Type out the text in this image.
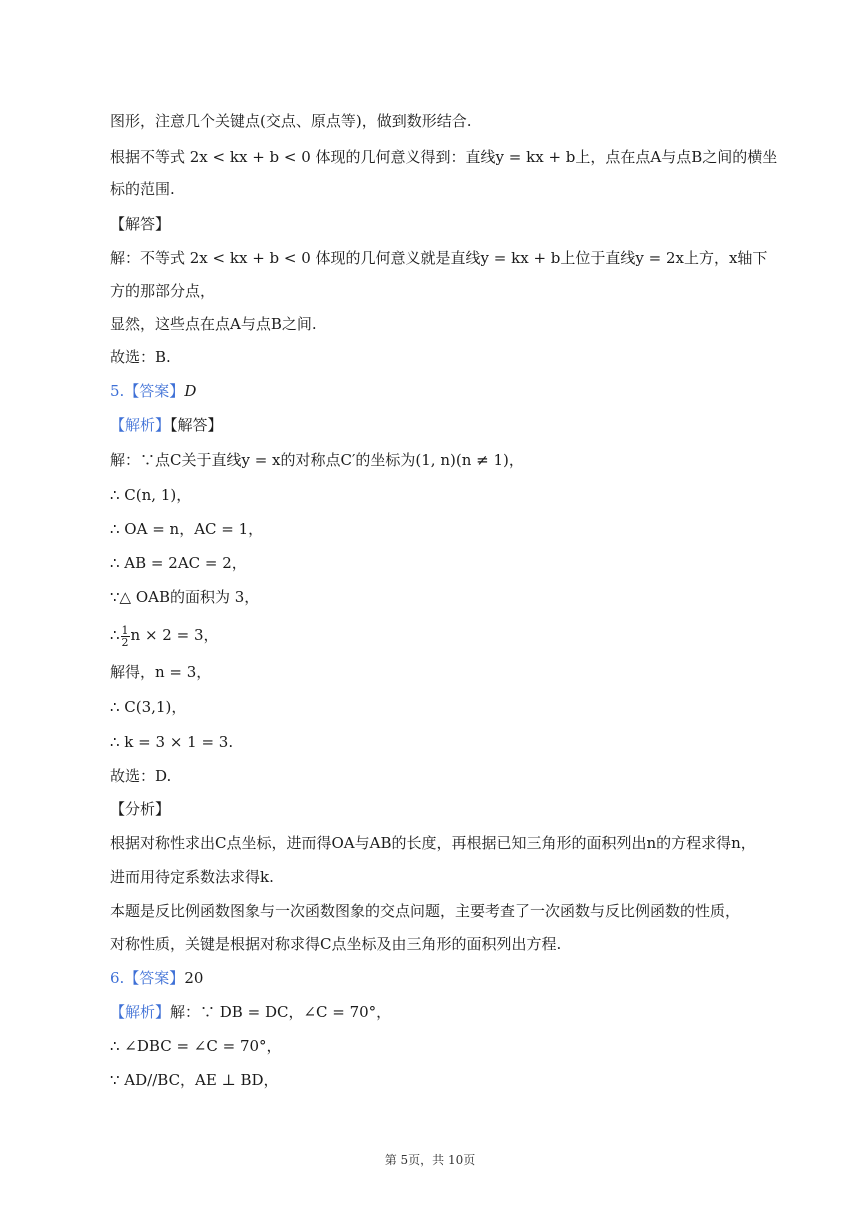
图形，注意几个关键点(交点、原点等)，做到数形结合.
根据不等式 2x < kx + b < 0 体现的几何意义得到：直线y = kx + b上，点在点A与点B之间的横坐
标的范围.
【解答】
解：不等式 2x < kx + b < 0 体现的几何意义就是直线y = kx + b上位于直线y = 2x上方，x轴下
方的那部分点，
显然，这些点在点A与点B之间.
故选：B.
5.【答案】D
【解析】【解答】
解：∵点C关于直线y = x的对称点C′的坐标为(1, n)(n ≠ 1)，
∴ C(n, 1)，
∴ OA = n，AC = 1，
∴ AB = 2AC = 2，
∵△ OAB的面积为 3，
∴ $\frac{1}{2}$ n × 2 = 3，
解得，n = 3，
∴ C(3,1)，
∴ k = 3 × 1 = 3.
故选：D.
【分析】
根据对称性求出C点坐标，进而得OA与AB的长度，再根据已知三角形的面积列出n的方程求得n，
进而用待定系数法求得k.
本题是反比例函数图象与一次函数图象的交点问题，主要考查了一次函数与反比例函数的性质，
对称性质，关键是根据对称求得C点坐标及由三角形的面积列出方程.
6.【答案】20
【解析】解：∵ DB = DC，∠C = 70°，
∴ ∠DBC = ∠C = 70°，
∵ AD//BC，AE ⊥ BD，
第 5页，共 10页
